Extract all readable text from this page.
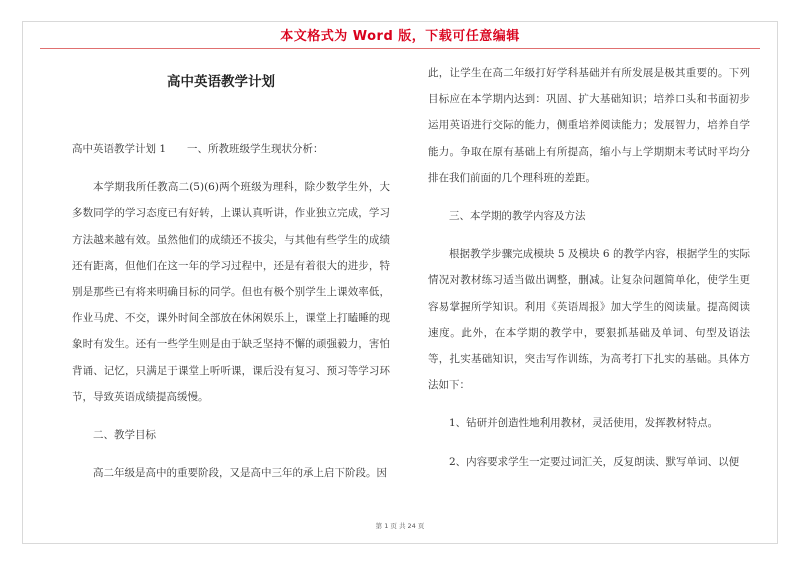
本文格式为 Word 版，下载可任意编辑
高中英语教学计划

高中英语教学计划 1　　一、所教班级学生现状分析：

本学期我所任教高二(5)(6)两个班级为理科，除少数学生外，大多数同学的学习态度已有好转，上课认真听讲，作业独立完成，学习方法越来越有效。虽然他们的成绩还不拔尖，与其他有些学生的成绩还有距离，但他们在这一年的学习过程中，还是有着很大的进步，特别是那些已有将来明确目标的同学。但也有极个别学生上课效率低，作业马虎、不交，课外时间全部放在休闲娱乐上，课堂上打瞌睡的现象时有发生。还有一些学生则是由于缺乏坚持不懈的顽强毅力，害怕背诵、记忆，只满足于课堂上听听课，课后没有复习、预习等学习环节，导致英语成绩提高缓慢。

二、教学目标

高二年级是高中的重要阶段，又是高中三年的承上启下阶段。因

此，让学生在高二年级打好学科基础并有所发展是极其重要的。下列目标应在本学期内达到：巩固、扩大基础知识；培养口头和书面初步运用英语进行交际的能力，侧重培养阅读能力；发展智力，培养自学能力。争取在原有基础上有所提高，缩小与上学期期末考试时平均分排在我们前面的几个理科班的差距。

三、本学期的教学内容及方法

根据教学步骤完成模块 5 及模块 6 的教学内容，根据学生的实际情况对教材练习适当做出调整，删减。让复杂问题简单化，使学生更容易掌握所学知识。利用《英语周报》加大学生的阅读量。提高阅读速度。此外，在本学期的教学中，要狠抓基础及单词、句型及语法等，扎实基础知识，突击写作训练，为高考打下扎实的基础。具体方法如下：

1、钻研并创造性地利用教材，灵活使用，发挥教材特点。

2、内容要求学生一定要过词汇关，反复朗读、默写单词、以便

第 1 页 共 24 页
